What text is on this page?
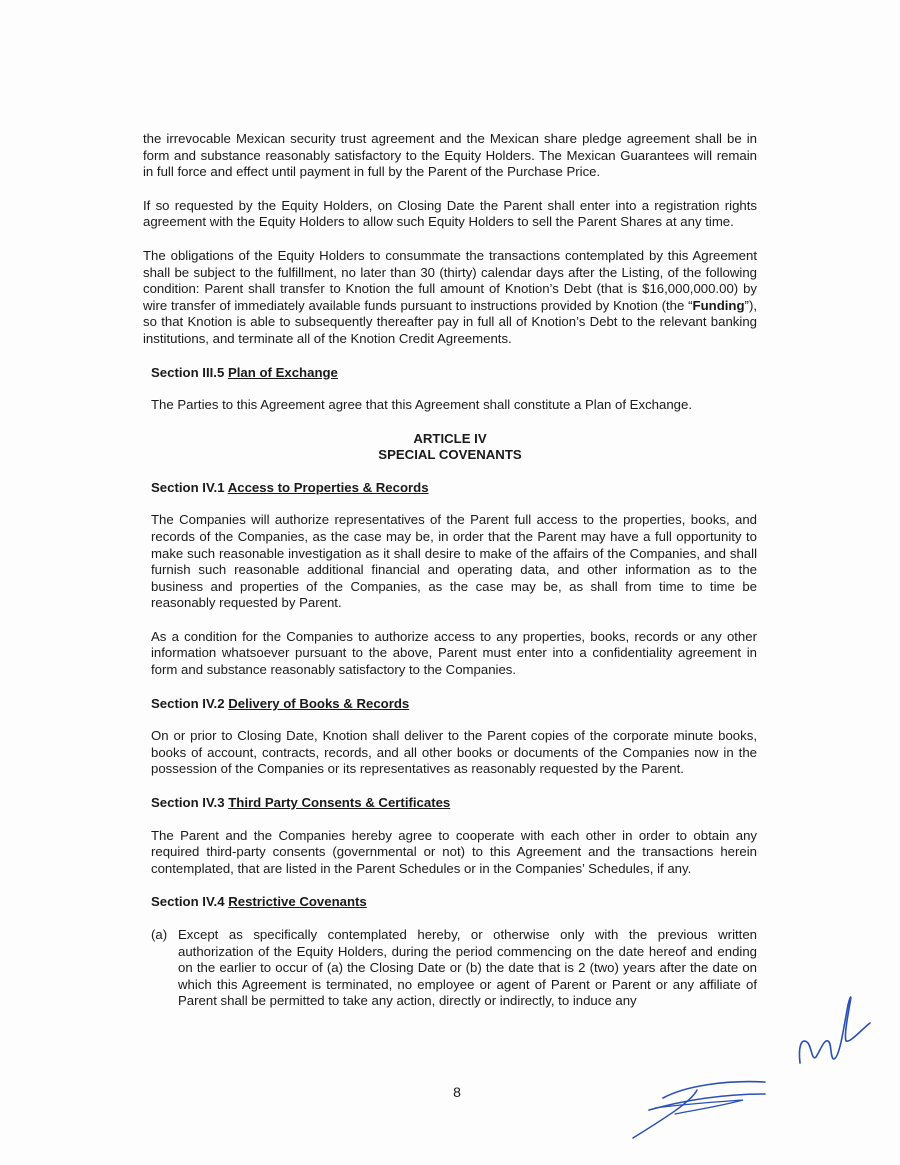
the irrevocable Mexican security trust agreement and the Mexican share pledge agreement shall be in form and substance reasonably satisfactory to the Equity Holders. The Mexican Guarantees will remain in full force and effect until payment in full by the Parent of the Purchase Price.

If so requested by the Equity Holders, on Closing Date the Parent shall enter into a registration rights agreement with the Equity Holders to allow such Equity Holders to sell the Parent Shares at any time.

The obligations of the Equity Holders to consummate the transactions contemplated by this Agreement shall be subject to the fulfillment, no later than 30 (thirty) calendar days after the Listing, of the following condition: Parent shall transfer to Knotion the full amount of Knotion’s Debt (that is $16,000,000.00) by wire transfer of immediately available funds pursuant to instructions provided by Knotion (the “Funding”), so that Knotion is able to subsequently thereafter pay in full all of Knotion’s Debt to the relevant banking institutions, and terminate all of the Knotion Credit Agreements.

Section III.5 Plan of Exchange

The Parties to this Agreement agree that this Agreement shall constitute a Plan of Exchange.

ARTICLE IV
SPECIAL COVENANTS
Section IV.1 Access to Properties & Records

The Companies will authorize representatives of the Parent full access to the properties, books, and records of the Companies, as the case may be, in order that the Parent may have a full opportunity to make such reasonable investigation as it shall desire to make of the affairs of the Companies, and shall furnish such reasonable additional financial and operating data, and other information as to the business and properties of the Companies, as the case may be, as shall from time to time be reasonably requested by Parent.

As a condition for the Companies to authorize access to any properties, books, records or any other information whatsoever pursuant to the above, Parent must enter into a confidentiality agreement in form and substance reasonably satisfactory to the Companies.

Section IV.2 Delivery of Books & Records

On or prior to Closing Date, Knotion shall deliver to the Parent copies of the corporate minute books, books of account, contracts, records, and all other books or documents of the Companies now in the possession of the Companies or its representatives as reasonably requested by the Parent.

Section IV.3 Third Party Consents & Certificates

The Parent and the Companies hereby agree to cooperate with each other in order to obtain any required third-party consents (governmental or not) to this Agreement and the transactions herein contemplated, that are listed in the Parent Schedules or in the Companies’ Schedules, if any.

Section IV.4 Restrictive Covenants
(a) Except as specifically contemplated hereby, or otherwise only with the previous written authorization of the Equity Holders, during the period commencing on the date hereof and ending on the earlier to occur of (a) the Closing Date or (b) the date that is 2 (two) years after the date on which this Agreement is terminated, no employee or agent of Parent or Parent or any affiliate of Parent shall be permitted to take any action, directly or indirectly, to induce any
8
